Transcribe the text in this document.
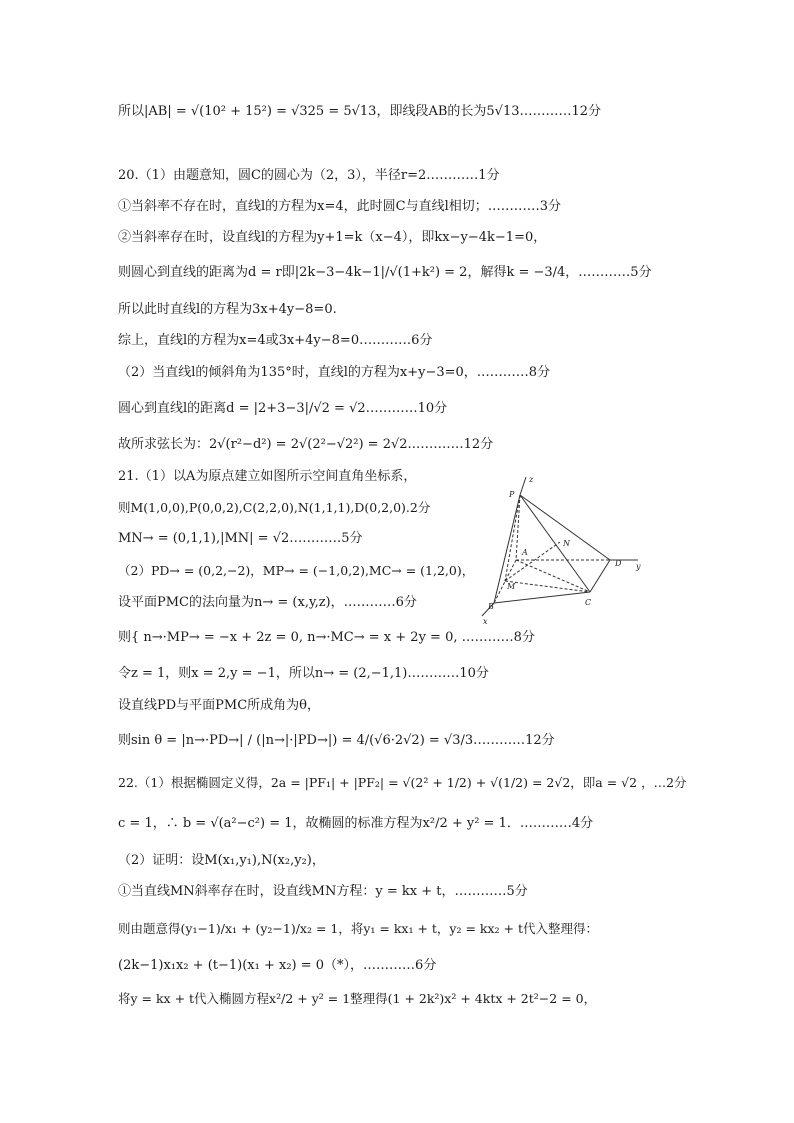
所以|AB| = √(10² + 15²) = √325 = 5√13，即线段AB的长为5√13…………12分
20.（1）由题意知，圆C的圆心为（2，3），半径r=2…………1分
①当斜率不存在时，直线l的方程为x=4，此时圆C与直线l相切；…………3分
②当斜率存在时，设直线l的方程为y+1=k（x−4），即kx−y−4k−1=0，
则圆心到直线的距离为d = r即|2k−3−4k−1|/√(1+k²) = 2，解得k = −3/4，…………5分
所以此时直线l的方程为3x+4y−8=0.
综上，直线l的方程为x=4或3x+4y−8=0…………6分
（2）当直线l的倾斜角为135°时，直线l的方程为x+y−3=0，…………8分
圆心到直线l的距离d = |2+3−3|/√2 = √2…………10分
故所求弦长为：2√(r²−d²) = 2√(2²−√2²) = 2√2.…………12分
21.（1）以A为原点建立如图所示空间直角坐标系，
则M(1,0,0),P(0,0,2),C(2,2,0),N(1,1,1),D(0,2,0).2分
MN→ = (0,1,1),|MN| = √2…………5分
（2）PD→ = (0,2,−2)，MP→ = (−1,0,2),MC→ = (1,2,0)，
设平面PMC的法向量为n→ = (x,y,z)，…………6分
则{ n→·MP→ = −x + 2z = 0, n→·MC→ = x + 2y = 0, …………8分
令z = 1，则x = 2,y = −1，所以n→ = (2,−1,1)…………10分
设直线PD与平面PMC所成角为θ，
则sin θ = |n→·PD→| / (|n→|·|PD→|) = 4/(√6·2√2) = √3/3…………12分
22.（1）根据椭圆定义得，2a = |PF₁| + |PF₂| = √(2² + 1/2) + √(1/2) = 2√2，即a = √2 ，…2分
c = 1，∴ b = √(a²−c²) = 1，故椭圆的标准方程为x²/2 + y² = 1．…………4分
（2）证明：设M(x₁,y₁),N(x₂,y₂)，
①当直线MN斜率存在时，设直线MN方程：y = kx + t，…………5分
则由题意得(y₁−1)/x₁ + (y₂−1)/x₂ = 1，将y₁ = kx₁ + t，y₂ = kx₂ + t代入整理得：
(2k−1)x₁x₂ + (t−1)(x₁ + x₂) = 0（*），…………6分
将y = kx + t代入椭圆方程x²/2 + y² = 1整理得(1 + 2k²)x² + 4ktx + 2t²−2 = 0，
P
z
A
N
M
D y
B	C
x
